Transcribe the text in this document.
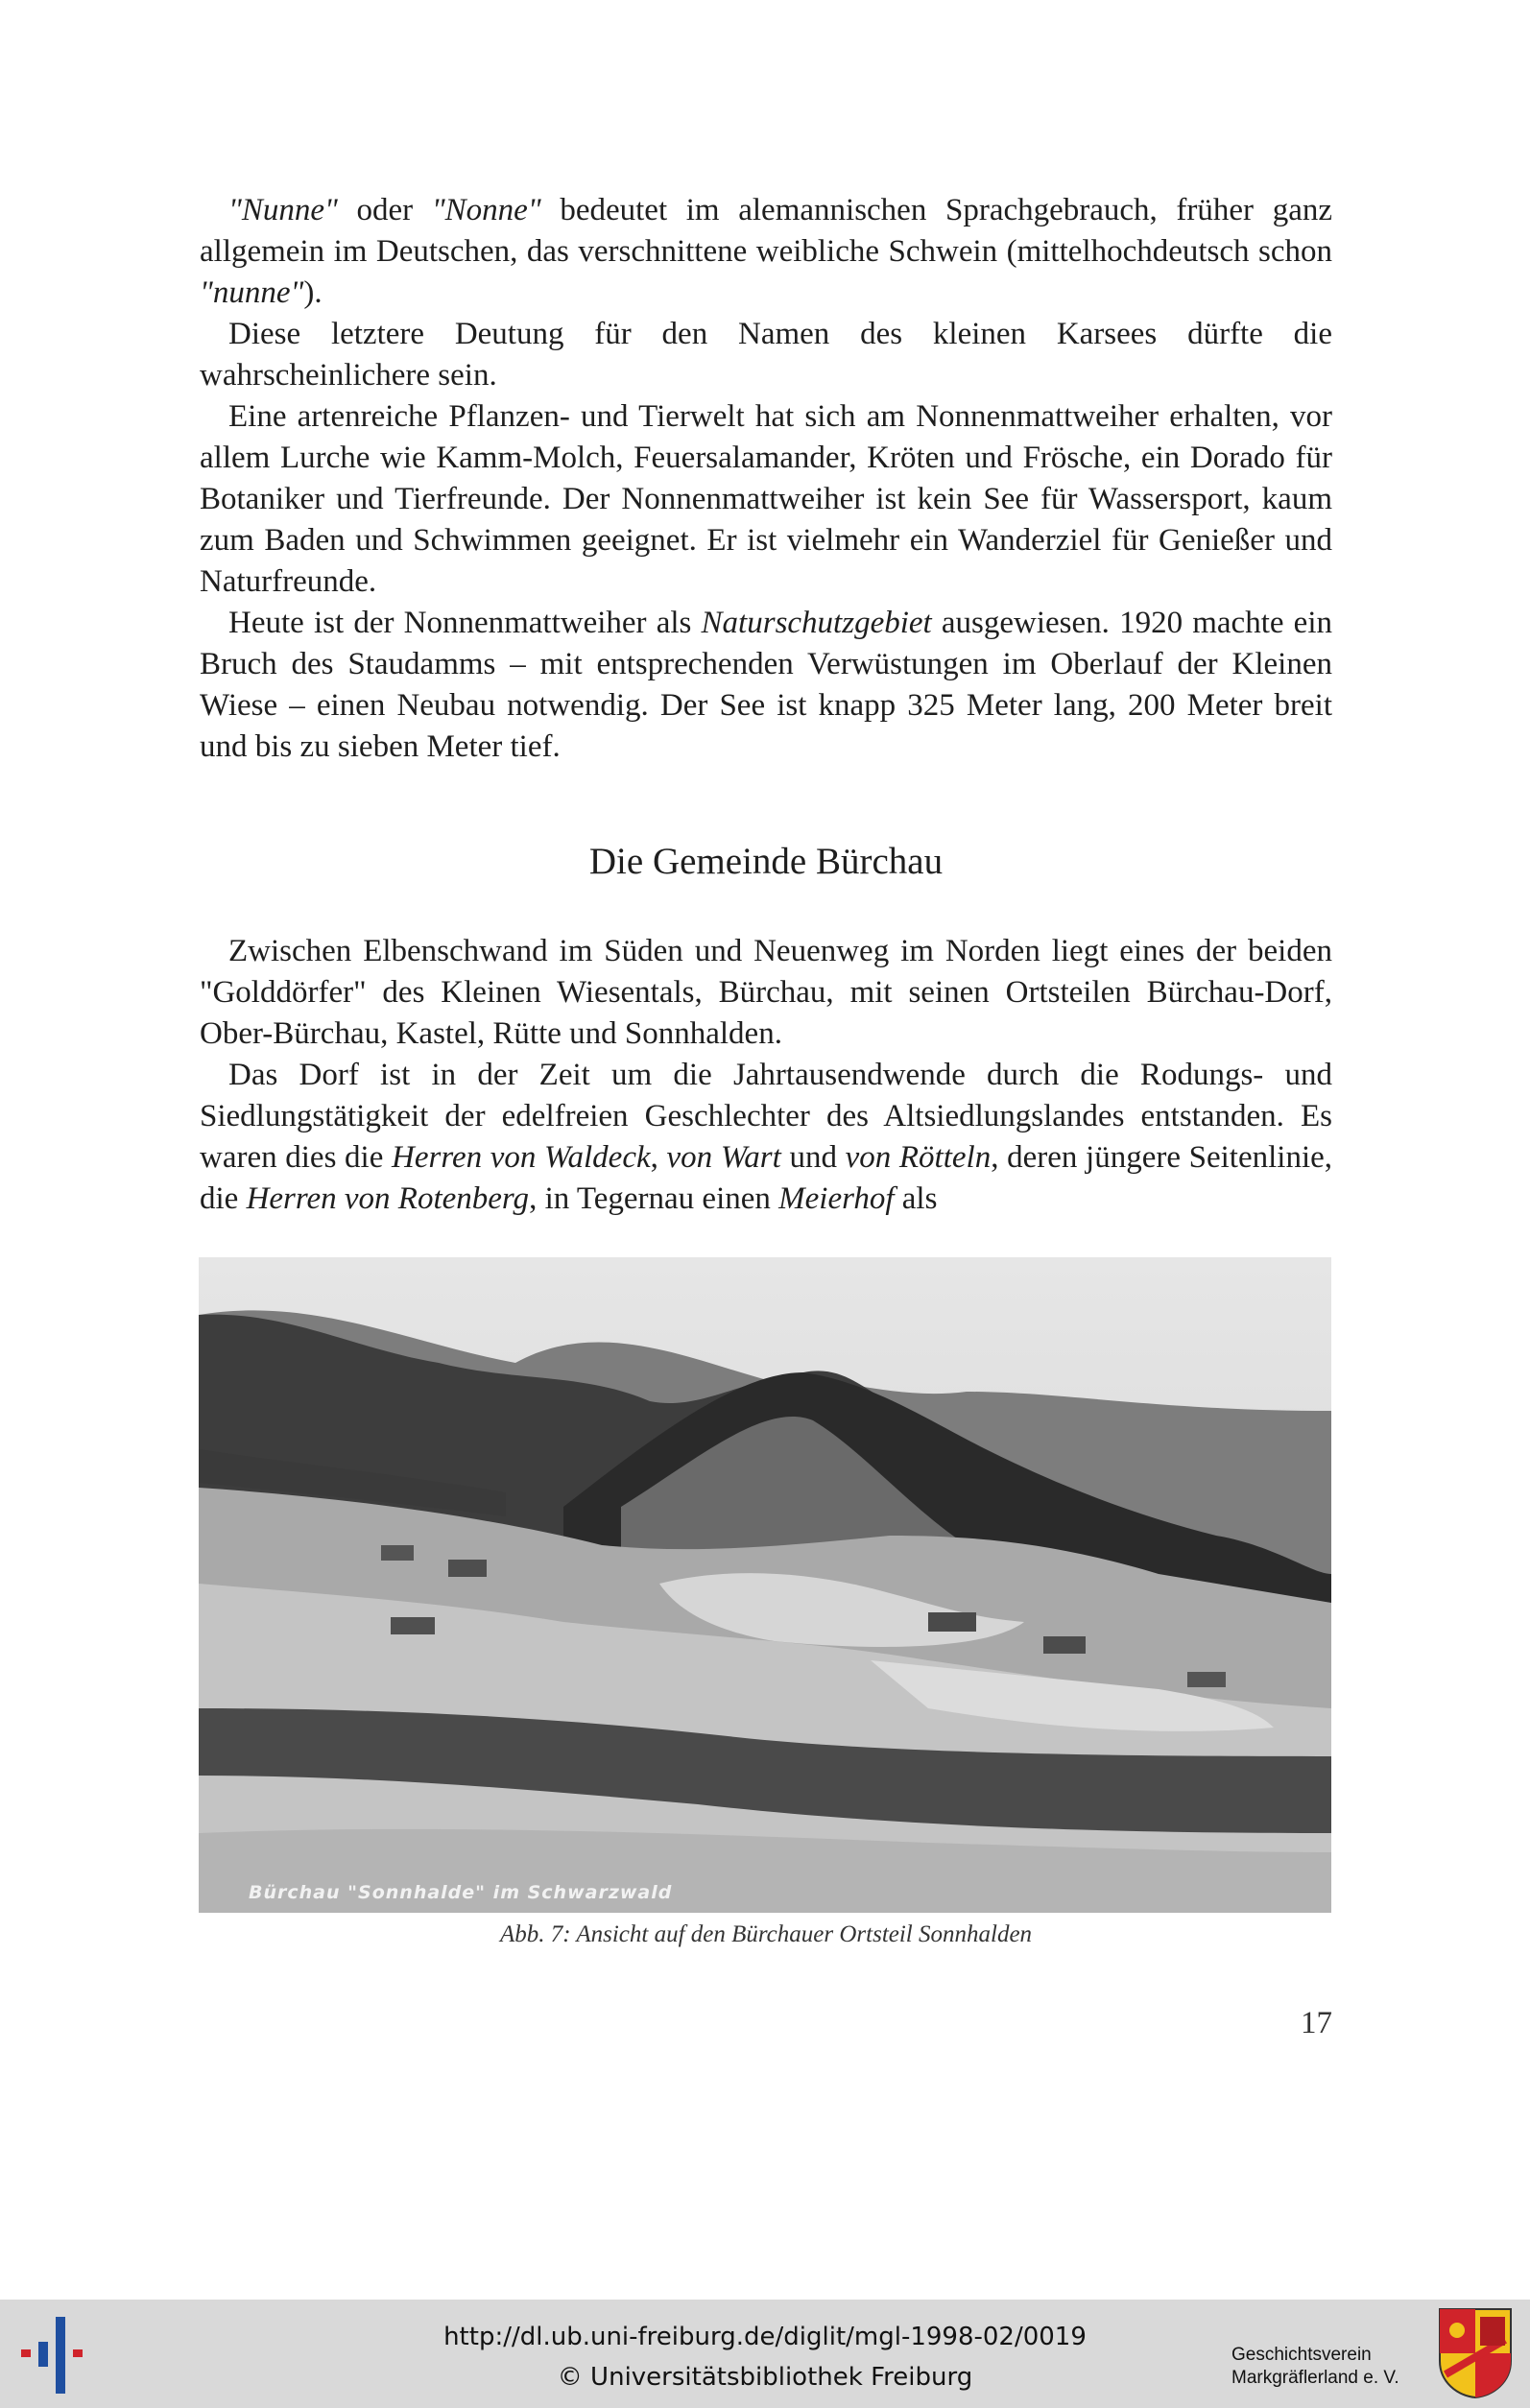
"Nunne" oder "Nonne" bedeutet im alemannischen Sprachgebrauch, früher ganz allgemein im Deutschen, das verschnittene weibliche Schwein (mittelhochdeutsch schon "nunne").

Diese letztere Deutung für den Namen des kleinen Karsees dürfte die wahrscheinlichere sein.

Eine artenreiche Pflanzen- und Tierwelt hat sich am Nonnenmattweiher erhalten, vor allem Lurche wie Kamm-Molch, Feuersalamander, Kröten und Frösche, ein Dorado für Botaniker und Tierfreunde. Der Nonnenmattweiher ist kein See für Wassersport, kaum zum Baden und Schwimmen geeignet. Er ist vielmehr ein Wanderziel für Genießer und Naturfreunde.

Heute ist der Nonnenmattweiher als Naturschutzgebiet ausgewiesen. 1920 machte ein Bruch des Staudamms – mit entsprechenden Verwüstungen im Oberlauf der Kleinen Wiese – einen Neubau notwendig. Der See ist knapp 325 Meter lang, 200 Meter breit und bis zu sieben Meter tief.

Die Gemeinde Bürchau

Zwischen Elbenschwand im Süden und Neuenweg im Norden liegt eines der beiden "Golddörfer" des Kleinen Wiesentals, Bürchau, mit seinen Ortsteilen Bürchau-Dorf, Ober-Bürchau, Kastel, Rütte und Sonnhalden.

Das Dorf ist in der Zeit um die Jahrtausendwende durch die Rodungs- und Siedlungstätigkeit der edelfreien Geschlechter des Altsiedlungslandes entstanden. Es waren dies die Herren von Waldeck, von Wart und von Rötteln, deren jüngere Seitenlinie, die Herren von Rotenberg, in Tegernau einen Meierhof als

Bürchau "Sonnhalde" im Schwarzwald
Abb. 7: Ansicht auf den Bürchauer Ortsteil Sonnhalden
17
http://dl.ub.uni-freiburg.de/diglit/mgl-1998-02/0019
© Universitätsbibliothek Freiburg
Geschichtsverein
Markgräflerland e. V.
